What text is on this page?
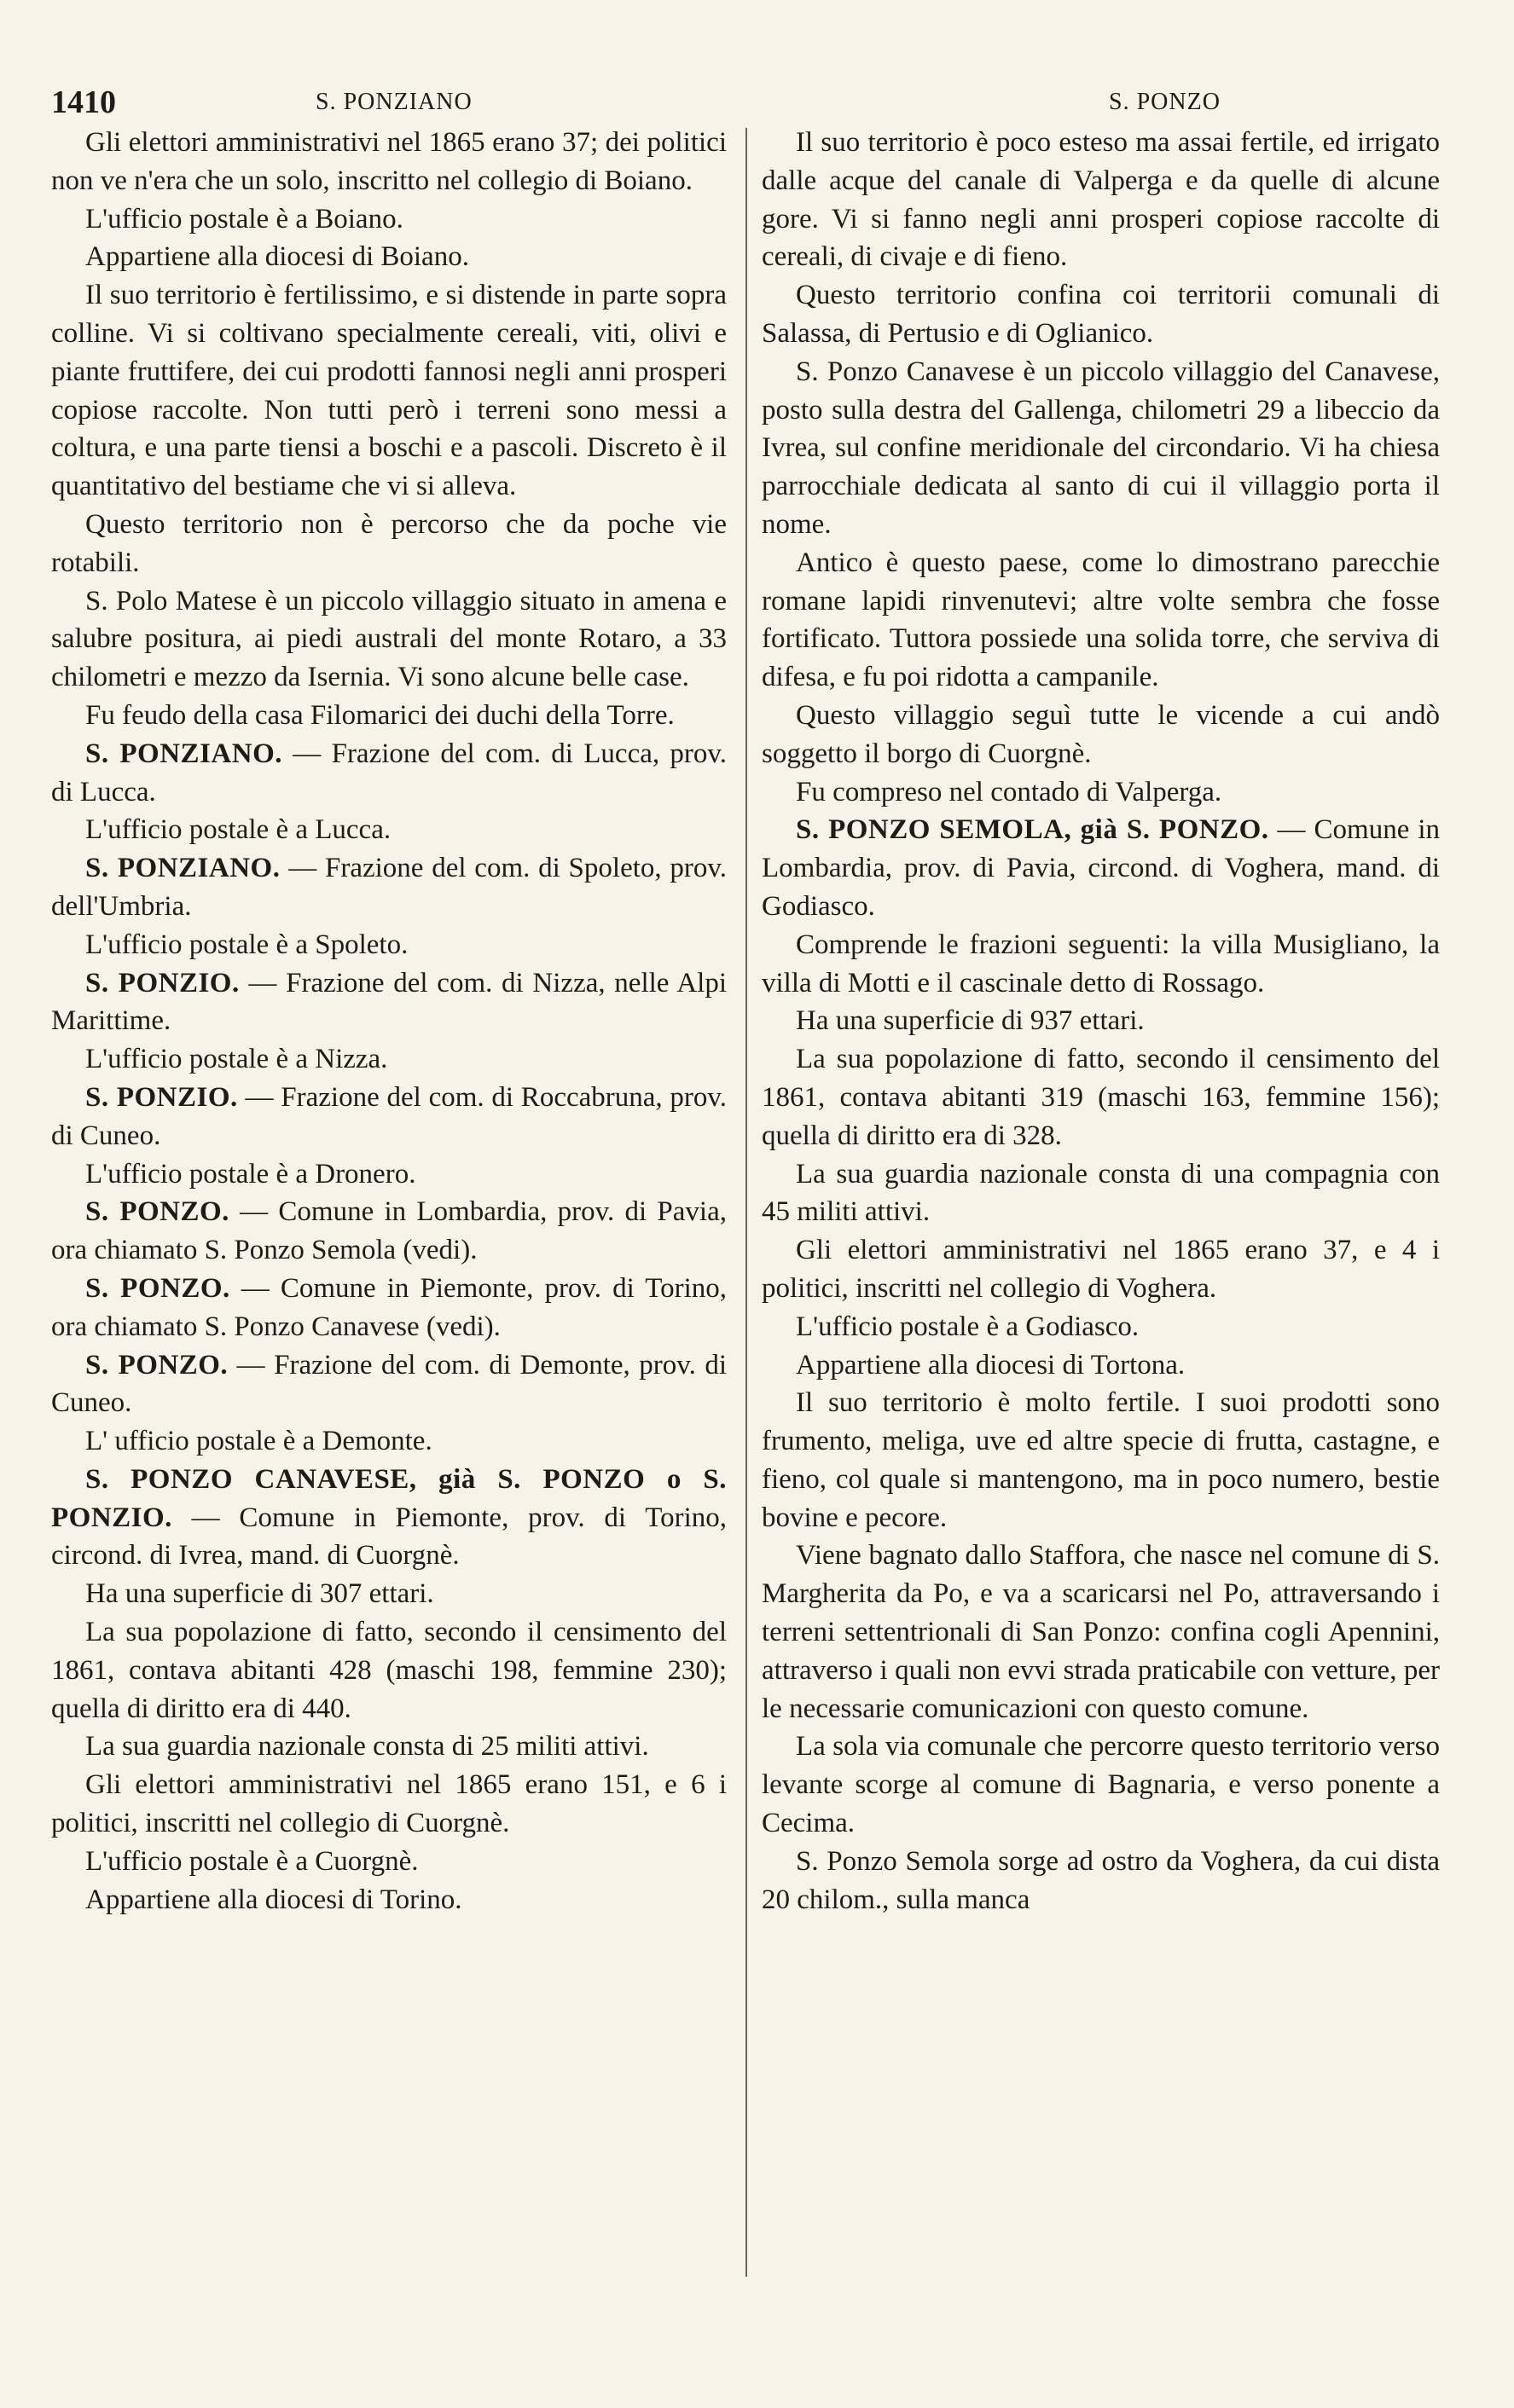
1410	S. PONZIANO	S. PONZO

Gli elettori amministrativi nel 1865 erano 37; dei politici non ve n'era che un solo, inscritto nel collegio di Boiano.

L'ufficio postale è a Boiano.

Appartiene alla diocesi di Boiano.

Il suo territorio è fertilissimo, e si distende in parte sopra colline. Vi si coltivano specialmente cereali, viti, olivi e piante fruttifere, dei cui prodotti fannosi negli anni prosperi copiose raccolte. Non tutti però i terreni sono messi a coltura, e una parte tiensi a boschi e a pascoli. Discreto è il quantitativo del bestiame che vi si alleva.

Questo territorio non è percorso che da poche vie rotabili.

S. Polo Matese è un piccolo villaggio situato in amena e salubre positura, ai piedi australi del monte Rotaro, a 33 chilometri e mezzo da Isernia. Vi sono alcune belle case.

Fu feudo della casa Filomarici dei duchi della Torre.

S. PONZIANO. — Frazione del com. di Lucca, prov. di Lucca.

L'ufficio postale è a Lucca.

S. PONZIANO. — Frazione del com. di Spoleto, prov. dell'Umbria.

L'ufficio postale è a Spoleto.

S. PONZIO. — Frazione del com. di Nizza, nelle Alpi Marittime.

L'ufficio postale è a Nizza.

S. PONZIO. — Frazione del com. di Roccabruna, prov. di Cuneo.

L'ufficio postale è a Dronero.

S. PONZO. — Comune in Lombardia, prov. di Pavia, ora chiamato S. Ponzo Semola (vedi).

S. PONZO. — Comune in Piemonte, prov. di Torino, ora chiamato S. Ponzo Canavese (vedi).

S. PONZO. — Frazione del com. di Demonte, prov. di Cuneo.

L' ufficio postale è a Demonte.

S. PONZO CANAVESE, già S. PONZO o S. PONZIO. — Comune in Piemonte, prov. di Torino, circond. di Ivrea, mand. di Cuorgnè.

Ha una superficie di 307 ettari.

La sua popolazione di fatto, secondo il censimento del 1861, contava abitanti 428 (maschi 198, femmine 230); quella di diritto era di 440.

La sua guardia nazionale consta di 25 militi attivi.

Gli elettori amministrativi nel 1865 erano 151, e 6 i politici, inscritti nel collegio di Cuorgnè.

L'ufficio postale è a Cuorgnè.

Appartiene alla diocesi di Torino.

Il suo territorio è poco esteso ma assai fertile, ed irrigato dalle acque del canale di Valperga e da quelle di alcune gore. Vi si fanno negli anni prosperi copiose raccolte di cereali, di civaje e di fieno.

Questo territorio confina coi territorii comunali di Salassa, di Pertusio e di Oglianico.

S. Ponzo Canavese è un piccolo villaggio del Canavese, posto sulla destra del Gallenga, chilometri 29 a libeccio da Ivrea, sul confine meridionale del circondario. Vi ha chiesa parrocchiale dedicata al santo di cui il villaggio porta il nome.

Antico è questo paese, come lo dimostrano parecchie romane lapidi rinvenutevi; altre volte sembra che fosse fortificato. Tuttora possiede una solida torre, che serviva di difesa, e fu poi ridotta a campanile.

Questo villaggio seguì tutte le vicende a cui andò soggetto il borgo di Cuorgnè.

Fu compreso nel contado di Valperga.

S. PONZO SEMOLA, già S. PONZO. — Comune in Lombardia, prov. di Pavia, circond. di Voghera, mand. di Godiasco.

Comprende le frazioni seguenti: la villa Musigliano, la villa di Motti e il cascinale detto di Rossago.

Ha una superficie di 937 ettari.

La sua popolazione di fatto, secondo il censimento del 1861, contava abitanti 319 (maschi 163, femmine 156); quella di diritto era di 328.

La sua guardia nazionale consta di una compagnia con 45 militi attivi.

Gli elettori amministrativi nel 1865 erano 37, e 4 i politici, inscritti nel collegio di Voghera.

L'ufficio postale è a Godiasco.

Appartiene alla diocesi di Tortona.

Il suo territorio è molto fertile. I suoi prodotti sono frumento, meliga, uve ed altre specie di frutta, castagne, e fieno, col quale si mantengono, ma in poco numero, bestie bovine e pecore.

Viene bagnato dallo Staffora, che nasce nel comune di S. Margherita da Po, e va a scaricarsi nel Po, attraversando i terreni settentrionali di San Ponzo: confina cogli Apennini, attraverso i quali non evvi strada praticabile con vetture, per le necessarie comunicazioni con questo comune.

La sola via comunale che percorre questo territorio verso levante scorge al comune di Bagnaria, e verso ponente a Cecima.

S. Ponzo Semola sorge ad ostro da Voghera, da cui dista 20 chilom., sulla manca
